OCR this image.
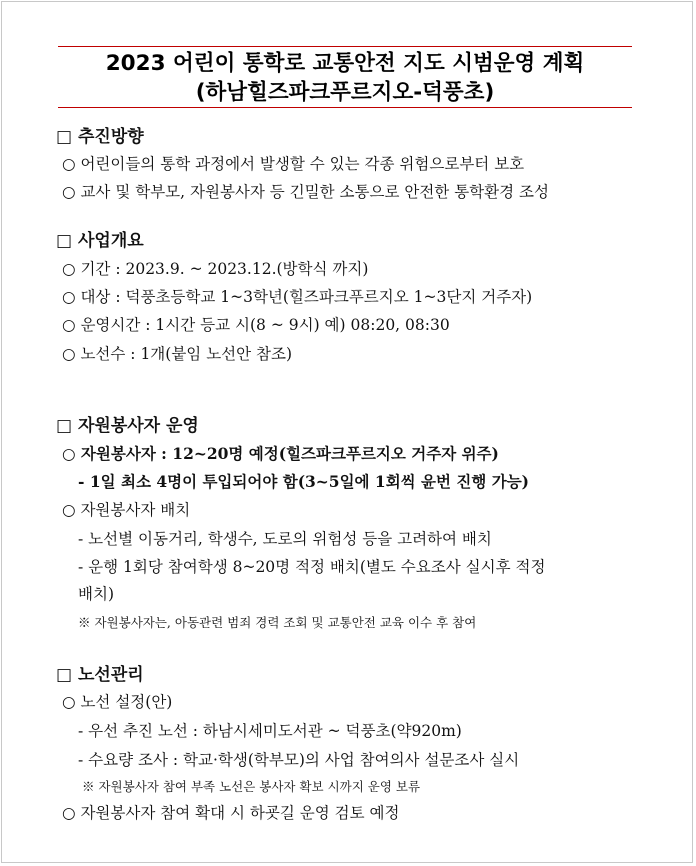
2023 어린이 통학로 교통안전 지도 시범운영 계획
(하남힐즈파크푸르지오-덕풍초)
□ 추진방향
○ 어린이들의 통학 과정에서 발생할 수 있는 각종 위험으로부터 보호
○ 교사 및 학부모, 자원봉사자 등 긴밀한 소통으로 안전한 통학환경 조성
□ 사업개요
○ 기간 : 2023.9. ~ 2023.12.(방학식 까지)
○ 대상 : 덕풍초등학교 1~3학년(힐즈파크푸르지오 1~3단지 거주자)
○ 운영시간 : 1시간 등교 시(8 ~ 9시) 예) 08:20, 08:30
○ 노선수 : 1개(붙임 노선안 참조)
□ 자원봉사자 운영
○ 자원봉사자 : 12~20명 예정(힐즈파크푸르지오 거주자 위주)
- 1일 최소 4명이 투입되어야 함(3~5일에 1회씩 윤번 진행 가능)
○ 자원봉사자 배치
- 노선별 이동거리, 학생수, 도로의 위험성 등을 고려하여 배치
- 운행 1회당 참여학생 8~20명 적정 배치(별도 수요조사 실시후 적정
배치)
※ 자원봉사자는, 아동관련 범죄 경력 조회 및 교통안전 교육 이수 후 참여
□ 노선관리
○ 노선 설정(안)
- 우선 추진 노선 : 하남시세미도서관 ~ 덕풍초(약920m)
- 수요량 조사 : 학교·학생(학부모)의 사업 참여의사 설문조사 실시
※ 자원봉사자 참여 부족 노선은 봉사자 확보 시까지 운영 보류
○ 자원봉사자 참여 확대 시 하굣길 운영 검토 예정
